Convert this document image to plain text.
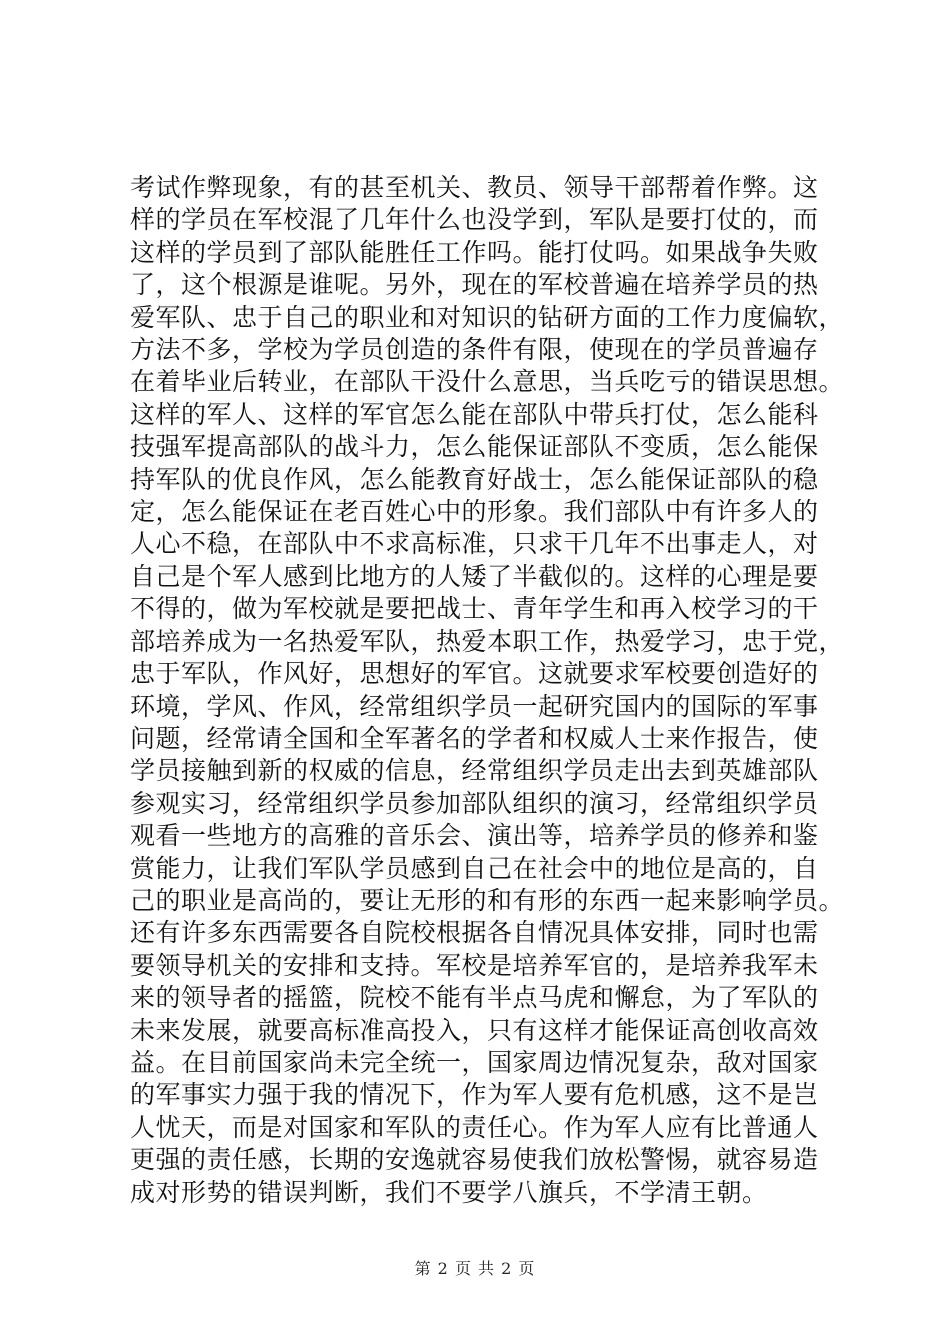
考试作弊现象，有的甚至机关、教员、领导干部帮着作弊。这
样的学员在军校混了几年什么也没学到，军队是要打仗的，而
这样的学员到了部队能胜任工作吗。能打仗吗。如果战争失败
了，这个根源是谁呢。另外，现在的军校普遍在培养学员的热
爱军队、忠于自己的职业和对知识的钻研方面的工作力度偏软，
方法不多，学校为学员创造的条件有限，使现在的学员普遍存
在着毕业后转业，在部队干没什么意思，当兵吃亏的错误思想。
这样的军人、这样的军官怎么能在部队中带兵打仗，怎么能科
技强军提高部队的战斗力，怎么能保证部队不变质，怎么能保
持军队的优良作风，怎么能教育好战士，怎么能保证部队的稳
定，怎么能保证在老百姓心中的形象。我们部队中有许多人的
人心不稳，在部队中不求高标准，只求干几年不出事走人，对
自己是个军人感到比地方的人矮了半截似的。这样的心理是要
不得的，做为军校就是要把战士、青年学生和再入校学习的干
部培养成为一名热爱军队，热爱本职工作，热爱学习，忠于党，
忠于军队，作风好，思想好的军官。这就要求军校要创造好的
环境，学风、作风，经常组织学员一起研究国内的国际的军事
问题，经常请全国和全军著名的学者和权威人士来作报告，使
学员接触到新的权威的信息，经常组织学员走出去到英雄部队
参观实习，经常组织学员参加部队组织的演习，经常组织学员
观看一些地方的高雅的音乐会、演出等，培养学员的修养和鉴
赏能力，让我们军队学员感到自己在社会中的地位是高的，自
己的职业是高尚的，要让无形的和有形的东西一起来影响学员。
还有许多东西需要各自院校根据各自情况具体安排，同时也需
要领导机关的安排和支持。军校是培养军官的，是培养我军未
来的领导者的摇篮，院校不能有半点马虎和懈怠，为了军队的
未来发展，就要高标准高投入，只有这样才能保证高创收高效
益。在目前国家尚未完全统一，国家周边情况复杂，敌对国家
的军事实力强于我的情况下，作为军人要有危机感，这不是岂
人忧天，而是对国家和军队的责任心。作为军人应有比普通人
更强的责任感，长期的安逸就容易使我们放松警惕，就容易造
成对形势的错误判断，我们不要学八旗兵，不学清王朝。
第 2 页 共 2 页
